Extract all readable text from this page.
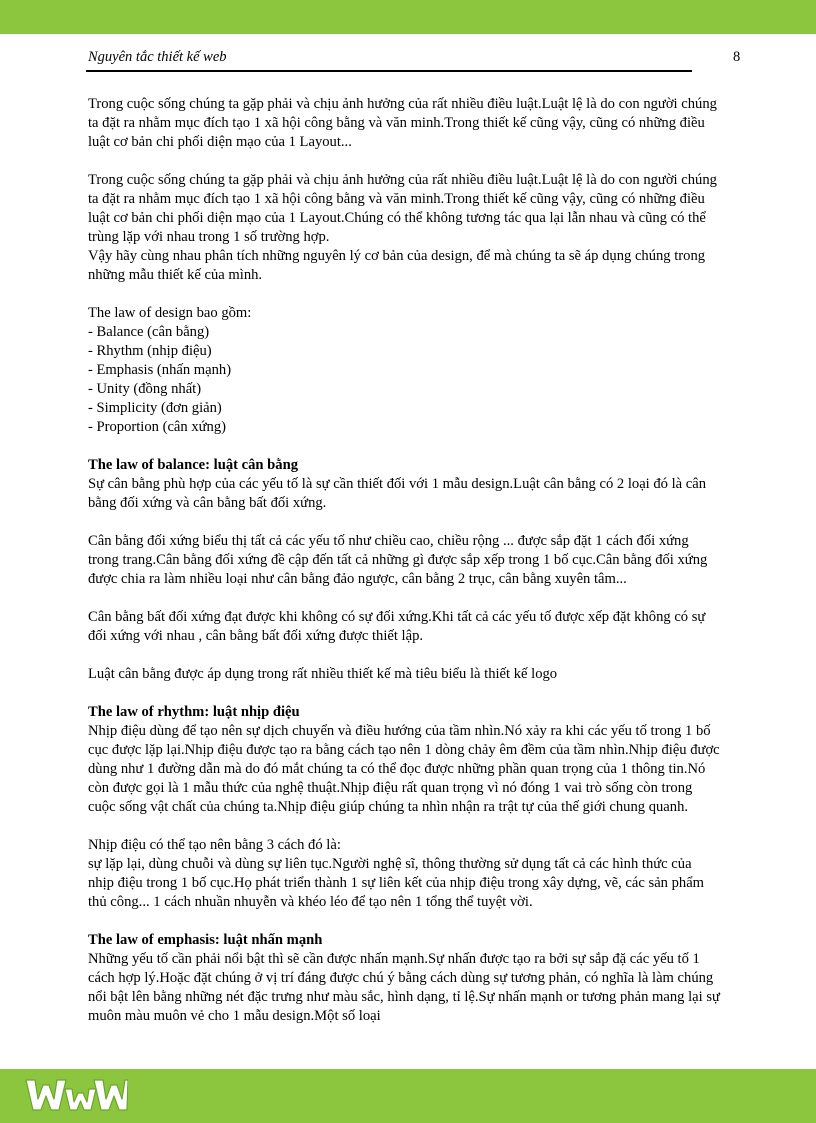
Nguyên tắc thiết kế web	8

Trong cuộc sống chúng ta gặp phải và chịu ảnh hưởng của rất nhiều điều luật.Luật lệ là do con người chúng ta đặt ra nhằm mục đích tạo 1 xã hội công bằng và văn minh.Trong thiết kế cũng vậy, cũng có những điều luật cơ bản chi phối diện mạo của 1 Layout...

Trong cuộc sống chúng ta gặp phải và chịu ảnh hưởng của rất nhiều điều luật.Luật lệ là do con người chúng ta đặt ra nhằm mục đích tạo 1 xã hội công bằng và văn minh.Trong thiết kế cũng vậy, cũng có những điều luật cơ bản chi phối diện mạo của 1 Layout.Chúng có thể không tương tác qua lại lẫn nhau và cũng có thể trùng lặp với nhau trong 1 số trường hợp.

Vậy hãy cùng nhau phân tích những nguyên lý cơ bản của design, để mà chúng ta sẽ áp dụng chúng trong những mẫu thiết kế của mình.

The law of design bao gồm:

- Balance (cân bằng)
- Rhythm (nhịp điệu)
- Emphasis (nhấn mạnh)
- Unity (đồng nhất)
- Simplicity (đơn giản)
- Proportion (cân xứng)
The law of balance: luật cân bằng

Sự cân bằng phù hợp của các yếu tố là sự cần thiết đối với 1 mẫu design.Luật cân bằng có 2 loại đó là cân bằng đối xứng và cân bằng bất đối xứng.

Cân bằng đối xứng biểu thị tất cả các yếu tố như chiều cao, chiều rộng ... được sắp đặt 1 cách đối xứng trong trang.Cân bằng đối xứng đề cập đến tất cả những gì được sắp xếp trong 1 bố cục.Cân bằng đối xứng được chia ra làm nhiều loại như cân bằng đảo ngược, cân bằng 2 trục, cân bằng xuyên tâm...

Cân bằng bất đối xứng đạt được khi không có sự đối xứng.Khi tất cả các yếu tố được xếp đặt không có sự đối xứng với nhau , cân bằng bất đối xứng được thiết lập.

Luật cân bằng được áp dụng trong rất nhiều thiết kế mà tiêu biểu là thiết kế logo

The law of rhythm: luật nhịp điệu

Nhịp điệu dùng để tạo nên sự dịch chuyển và điều hướng của tầm nhìn.Nó xảy ra khi các yếu tố trong 1 bố cục được lặp lại.Nhịp điệu được tạo ra bằng cách tạo nên 1 dòng chảy êm đềm của tầm nhìn.Nhịp điệu được dùng như 1 đường dẫn mà do đó mắt chúng ta có thể đọc được những phần quan trọng của 1 thông tin.Nó còn được gọi là 1 mẫu thức của nghệ thuật.Nhịp điệu rất quan trọng vì nó đóng 1 vai trò sống còn trong cuộc sống vật chất của chúng ta.Nhịp điệu giúp chúng ta nhìn nhận ra trật tự của thế giới chung quanh.

Nhịp điệu có thể tạo nên bằng 3 cách đó là:

sự lặp lại, dùng chuỗi và dùng sự liên tục.Người nghệ sĩ, thông thường sử dụng tất cả các hình thức của nhịp điệu trong 1 bố cục.Họ phát triển thành 1 sự liên kết của nhịp điệu trong xây dựng, vẽ, các sản phẩm thủ công... 1 cách nhuần nhuyễn và khéo léo để tạo nên 1 tổng thể tuyệt vời.

The law of emphasis: luật nhấn mạnh

Những yếu tố cần phải nổi bật thì sẽ cần được nhấn mạnh.Sự nhấn được tạo ra bởi sự sắp đặ các yếu tố 1 cách hợp lý.Hoặc đặt chúng ở vị trí đáng được chú ý bằng cách dùng sự tương phản, có nghĩa là làm chúng nổi bật lên bằng những nét đặc trưng như màu sắc, hình dạng, tỉ lệ.Sự nhấn mạnh or tương phản mang lại sự muôn màu muôn vẻ cho 1 mẫu design.Một số loại
